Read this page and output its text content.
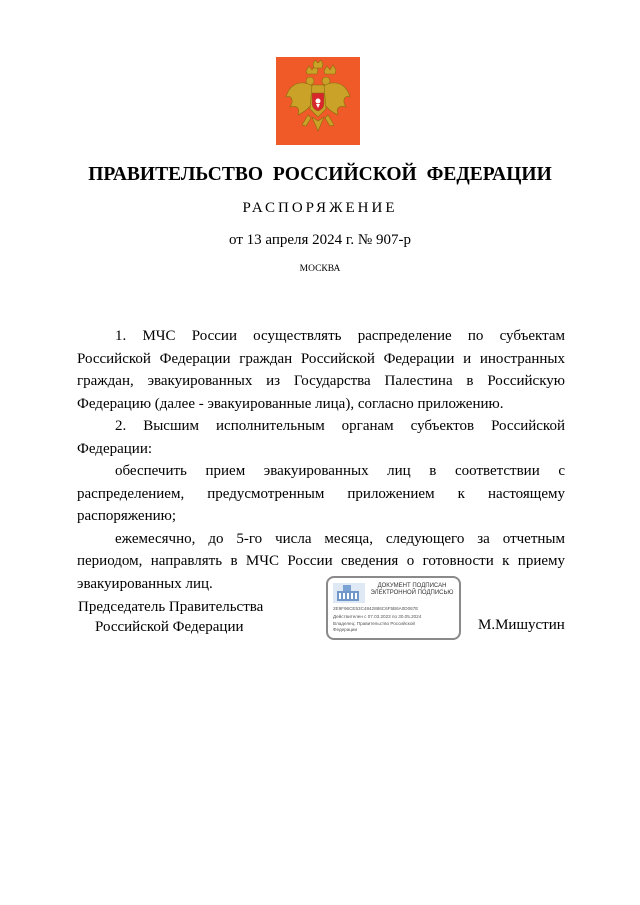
ПРАВИТЕЛЬСТВО РОССИЙСКОЙ ФЕДЕРАЦИИ
РАСПОРЯЖЕНИЕ
от 13 апреля 2024 г. № 907-р
МОСКВА

1. МЧС России осуществлять распределение по субъектам Российской Федерации граждан Российской Федерации и иностранных граждан, эвакуированных из Государства Палестина в Российскую Федерацию (далее - эвакуированные лица), согласно приложению.

2. Высшим исполнительным органам субъектов Российской Федерации:

обеспечить прием эвакуированных лиц в соответствии с распределением, предусмотренным приложением к настоящему распоряжению;

ежемесячно, до 5-го числа месяца, следующего за отчетным периодом, направлять в МЧС России сведения о готовности к приему эвакуированных лиц.

Председатель Правительства
Российской Федерации
ДОКУМЕНТ ПОДПИСАН
ЭЛЕКТРОННОЙ ПОДПИСЬЮ
2E9F96CE53C4842886C6F5B6A0D067E
Действителен с 07.03.2023 по 30.05.2024
Владелец: Правительство Российской
Федерации	М.Мишустин
